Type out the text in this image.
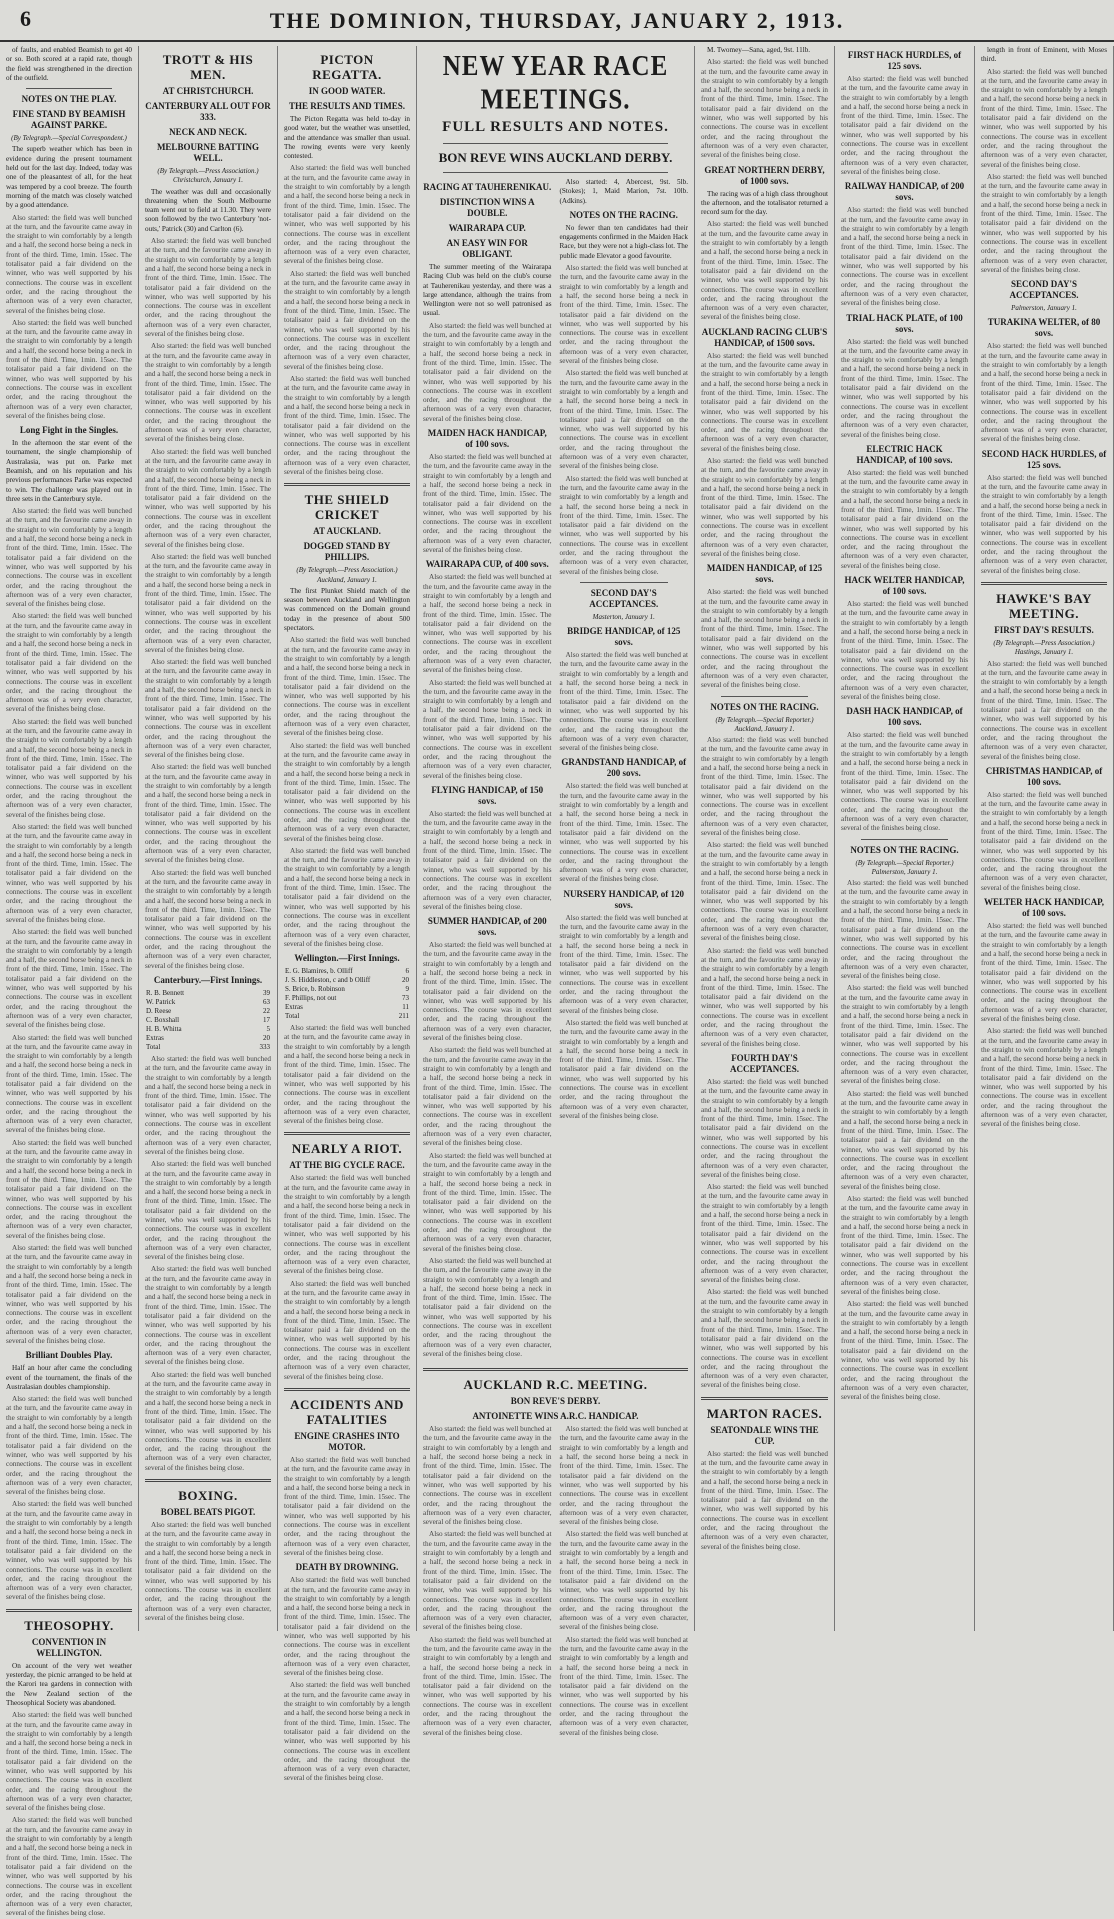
6	THE DOMINION, THURSDAY, JANUARY 2, 1913.

of faults, and enabled Beamish to get 40 or so. Both scored at a rapid rate, though the field was strengthened in the direction of the outfield.

NOTES ON THE PLAY.
FINE STAND BY BEAMISH AGAINST PARKE.
(By Telegraph.—Special Correspondent.)

The superb weather which has been in evidence during the present tournament held out for the last day. Indeed, today was one of the pleasantest of all, for the heat was tempered by a cool breeze. The fourth morning of the match was closely watched by a good attendance.

Also started: the field was well bunched at the turn, and the favourite came away in the straight to win comfortably by a length and a half, the second horse being a neck in front of the third. Time, 1min. 15sec. The totalisator paid a fair dividend on the winner, who was well supported by his connections. The course was in excellent order, and the racing throughout the afternoon was of a very even character, several of the finishes being close.

Also started: the field was well bunched at the turn, and the favourite came away in the straight to win comfortably by a length and a half, the second horse being a neck in front of the third. Time, 1min. 15sec. The totalisator paid a fair dividend on the winner, who was well supported by his connections. The course was in excellent order, and the racing throughout the afternoon was of a very even character, several of the finishes being close.

Long Fight in the Singles.

In the afternoon the star event of the tournament, the single championship of Australasia, was put on. Parke met Beamish, and on his reputation and his previous performances Parke was expected to win. The challenge was played out in three sets in the Canterbury style.

Also started: the field was well bunched at the turn, and the favourite came away in the straight to win comfortably by a length and a half, the second horse being a neck in front of the third. Time, 1min. 15sec. The totalisator paid a fair dividend on the winner, who was well supported by his connections. The course was in excellent order, and the racing throughout the afternoon was of a very even character, several of the finishes being close.

Also started: the field was well bunched at the turn, and the favourite came away in the straight to win comfortably by a length and a half, the second horse being a neck in front of the third. Time, 1min. 15sec. The totalisator paid a fair dividend on the winner, who was well supported by his connections. The course was in excellent order, and the racing throughout the afternoon was of a very even character, several of the finishes being close.

Also started: the field was well bunched at the turn, and the favourite came away in the straight to win comfortably by a length and a half, the second horse being a neck in front of the third. Time, 1min. 15sec. The totalisator paid a fair dividend on the winner, who was well supported by his connections. The course was in excellent order, and the racing throughout the afternoon was of a very even character, several of the finishes being close.

Also started: the field was well bunched at the turn, and the favourite came away in the straight to win comfortably by a length and a half, the second horse being a neck in front of the third. Time, 1min. 15sec. The totalisator paid a fair dividend on the winner, who was well supported by his connections. The course was in excellent order, and the racing throughout the afternoon was of a very even character, several of the finishes being close.

Also started: the field was well bunched at the turn, and the favourite came away in the straight to win comfortably by a length and a half, the second horse being a neck in front of the third. Time, 1min. 15sec. The totalisator paid a fair dividend on the winner, who was well supported by his connections. The course was in excellent order, and the racing throughout the afternoon was of a very even character, several of the finishes being close.

Also started: the field was well bunched at the turn, and the favourite came away in the straight to win comfortably by a length and a half, the second horse being a neck in front of the third. Time, 1min. 15sec. The totalisator paid a fair dividend on the winner, who was well supported by his connections. The course was in excellent order, and the racing throughout the afternoon was of a very even character, several of the finishes being close.

Also started: the field was well bunched at the turn, and the favourite came away in the straight to win comfortably by a length and a half, the second horse being a neck in front of the third. Time, 1min. 15sec. The totalisator paid a fair dividend on the winner, who was well supported by his connections. The course was in excellent order, and the racing throughout the afternoon was of a very even character, several of the finishes being close.

Also started: the field was well bunched at the turn, and the favourite came away in the straight to win comfortably by a length and a half, the second horse being a neck in front of the third. Time, 1min. 15sec. The totalisator paid a fair dividend on the winner, who was well supported by his connections. The course was in excellent order, and the racing throughout the afternoon was of a very even character, several of the finishes being close.

Brilliant Doubles Play.

Half an hour after came the concluding event of the tournament, the finals of the Australasian doubles championship.

Also started: the field was well bunched at the turn, and the favourite came away in the straight to win comfortably by a length and a half, the second horse being a neck in front of the third. Time, 1min. 15sec. The totalisator paid a fair dividend on the winner, who was well supported by his connections. The course was in excellent order, and the racing throughout the afternoon was of a very even character, several of the finishes being close.

Also started: the field was well bunched at the turn, and the favourite came away in the straight to win comfortably by a length and a half, the second horse being a neck in front of the third. Time, 1min. 15sec. The totalisator paid a fair dividend on the winner, who was well supported by his connections. The course was in excellent order, and the racing throughout the afternoon was of a very even character, several of the finishes being close.

THEOSOPHY.
CONVENTION IN WELLINGTON.

On account of the very wet weather yesterday, the picnic arranged to be held at the Karori tea gardens in connection with the New Zealand section of the Theosophical Society was abandoned.

Also started: the field was well bunched at the turn, and the favourite came away in the straight to win comfortably by a length and a half, the second horse being a neck in front of the third. Time, 1min. 15sec. The totalisator paid a fair dividend on the winner, who was well supported by his connections. The course was in excellent order, and the racing throughout the afternoon was of a very even character, several of the finishes being close.

Also started: the field was well bunched at the turn, and the favourite came away in the straight to win comfortably by a length and a half, the second horse being a neck in front of the third. Time, 1min. 15sec. The totalisator paid a fair dividend on the winner, who was well supported by his connections. The course was in excellent order, and the racing throughout the afternoon was of a very even character, several of the finishes being close.

TROTT & HIS MEN.
AT CHRISTCHURCH.
CANTERBURY ALL OUT FOR 333.
NECK AND NECK.
MELBOURNE BATTING WELL.
(By Telegraph.—Press Association.) Christchurch, January 1.

The weather was dull and occasionally threatening when the South Melbourne team went out to field at 11.30. They were soon followed by the two Canterbury 'not-outs,' Patrick (30) and Carlton (6).

Also started: the field was well bunched at the turn, and the favourite came away in the straight to win comfortably by a length and a half, the second horse being a neck in front of the third. Time, 1min. 15sec. The totalisator paid a fair dividend on the winner, who was well supported by his connections. The course was in excellent order, and the racing throughout the afternoon was of a very even character, several of the finishes being close.

Also started: the field was well bunched at the turn, and the favourite came away in the straight to win comfortably by a length and a half, the second horse being a neck in front of the third. Time, 1min. 15sec. The totalisator paid a fair dividend on the winner, who was well supported by his connections. The course was in excellent order, and the racing throughout the afternoon was of a very even character, several of the finishes being close.

Also started: the field was well bunched at the turn, and the favourite came away in the straight to win comfortably by a length and a half, the second horse being a neck in front of the third. Time, 1min. 15sec. The totalisator paid a fair dividend on the winner, who was well supported by his connections. The course was in excellent order, and the racing throughout the afternoon was of a very even character, several of the finishes being close.

Also started: the field was well bunched at the turn, and the favourite came away in the straight to win comfortably by a length and a half, the second horse being a neck in front of the third. Time, 1min. 15sec. The totalisator paid a fair dividend on the winner, who was well supported by his connections. The course was in excellent order, and the racing throughout the afternoon was of a very even character, several of the finishes being close.

Also started: the field was well bunched at the turn, and the favourite came away in the straight to win comfortably by a length and a half, the second horse being a neck in front of the third. Time, 1min. 15sec. The totalisator paid a fair dividend on the winner, who was well supported by his connections. The course was in excellent order, and the racing throughout the afternoon was of a very even character, several of the finishes being close.

Also started: the field was well bunched at the turn, and the favourite came away in the straight to win comfortably by a length and a half, the second horse being a neck in front of the third. Time, 1min. 15sec. The totalisator paid a fair dividend on the winner, who was well supported by his connections. The course was in excellent order, and the racing throughout the afternoon was of a very even character, several of the finishes being close.

Also started: the field was well bunched at the turn, and the favourite came away in the straight to win comfortably by a length and a half, the second horse being a neck in front of the third. Time, 1min. 15sec. The totalisator paid a fair dividend on the winner, who was well supported by his connections. The course was in excellent order, and the racing throughout the afternoon was of a very even character, several of the finishes being close.

Canterbury.—First Innings.
R. B. Bennett	39
W. Patrick	63
D. Reese	22
C. Boxshall	17
H. B. Whitta	5
Extras	20
Total	333

Also started: the field was well bunched at the turn, and the favourite came away in the straight to win comfortably by a length and a half, the second horse being a neck in front of the third. Time, 1min. 15sec. The totalisator paid a fair dividend on the winner, who was well supported by his connections. The course was in excellent order, and the racing throughout the afternoon was of a very even character, several of the finishes being close.

Also started: the field was well bunched at the turn, and the favourite came away in the straight to win comfortably by a length and a half, the second horse being a neck in front of the third. Time, 1min. 15sec. The totalisator paid a fair dividend on the winner, who was well supported by his connections. The course was in excellent order, and the racing throughout the afternoon was of a very even character, several of the finishes being close.

Also started: the field was well bunched at the turn, and the favourite came away in the straight to win comfortably by a length and a half, the second horse being a neck in front of the third. Time, 1min. 15sec. The totalisator paid a fair dividend on the winner, who was well supported by his connections. The course was in excellent order, and the racing throughout the afternoon was of a very even character, several of the finishes being close.

Also started: the field was well bunched at the turn, and the favourite came away in the straight to win comfortably by a length and a half, the second horse being a neck in front of the third. Time, 1min. 15sec. The totalisator paid a fair dividend on the winner, who was well supported by his connections. The course was in excellent order, and the racing throughout the afternoon was of a very even character, several of the finishes being close.

BOXING.
BOBEL BEATS PIGOT.

Also started: the field was well bunched at the turn, and the favourite came away in the straight to win comfortably by a length and a half, the second horse being a neck in front of the third. Time, 1min. 15sec. The totalisator paid a fair dividend on the winner, who was well supported by his connections. The course was in excellent order, and the racing throughout the afternoon was of a very even character, several of the finishes being close.

PICTON REGATTA.
IN GOOD WATER.
THE RESULTS AND TIMES.

The Picton Regatta was held to-day in good water, but the weather was unsettled, and the attendance was smaller than usual. The rowing events were very keenly contested.

Also started: the field was well bunched at the turn, and the favourite came away in the straight to win comfortably by a length and a half, the second horse being a neck in front of the third. Time, 1min. 15sec. The totalisator paid a fair dividend on the winner, who was well supported by his connections. The course was in excellent order, and the racing throughout the afternoon was of a very even character, several of the finishes being close.

Also started: the field was well bunched at the turn, and the favourite came away in the straight to win comfortably by a length and a half, the second horse being a neck in front of the third. Time, 1min. 15sec. The totalisator paid a fair dividend on the winner, who was well supported by his connections. The course was in excellent order, and the racing throughout the afternoon was of a very even character, several of the finishes being close.

Also started: the field was well bunched at the turn, and the favourite came away in the straight to win comfortably by a length and a half, the second horse being a neck in front of the third. Time, 1min. 15sec. The totalisator paid a fair dividend on the winner, who was well supported by his connections. The course was in excellent order, and the racing throughout the afternoon was of a very even character, several of the finishes being close.

THE SHIELD CRICKET
AT AUCKLAND.
DOGGED STAND BY PHILLIPS.
(By Telegraph.—Press Association.) Auckland, January 1.

The first Plunket Shield match of the season between Auckland and Wellington was commenced on the Domain ground today in the presence of about 500 spectators.

Also started: the field was well bunched at the turn, and the favourite came away in the straight to win comfortably by a length and a half, the second horse being a neck in front of the third. Time, 1min. 15sec. The totalisator paid a fair dividend on the winner, who was well supported by his connections. The course was in excellent order, and the racing throughout the afternoon was of a very even character, several of the finishes being close.

Also started: the field was well bunched at the turn, and the favourite came away in the straight to win comfortably by a length and a half, the second horse being a neck in front of the third. Time, 1min. 15sec. The totalisator paid a fair dividend on the winner, who was well supported by his connections. The course was in excellent order, and the racing throughout the afternoon was of a very even character, several of the finishes being close.

Also started: the field was well bunched at the turn, and the favourite came away in the straight to win comfortably by a length and a half, the second horse being a neck in front of the third. Time, 1min. 15sec. The totalisator paid a fair dividend on the winner, who was well supported by his connections. The course was in excellent order, and the racing throughout the afternoon was of a very even character, several of the finishes being close.

Wellington.—First Innings.
E. G. Blamires, b. Olliff	6
J. S. Hiddleston, c and b Olliff	20
S. Brice, b. Robinson	9
F. Phillips, not out	73
Extras	11
Total	211

Also started: the field was well bunched at the turn, and the favourite came away in the straight to win comfortably by a length and a half, the second horse being a neck in front of the third. Time, 1min. 15sec. The totalisator paid a fair dividend on the winner, who was well supported by his connections. The course was in excellent order, and the racing throughout the afternoon was of a very even character, several of the finishes being close.

NEARLY A RIOT.
AT THE BIG CYCLE RACE.

Also started: the field was well bunched at the turn, and the favourite came away in the straight to win comfortably by a length and a half, the second horse being a neck in front of the third. Time, 1min. 15sec. The totalisator paid a fair dividend on the winner, who was well supported by his connections. The course was in excellent order, and the racing throughout the afternoon was of a very even character, several of the finishes being close.

Also started: the field was well bunched at the turn, and the favourite came away in the straight to win comfortably by a length and a half, the second horse being a neck in front of the third. Time, 1min. 15sec. The totalisator paid a fair dividend on the winner, who was well supported by his connections. The course was in excellent order, and the racing throughout the afternoon was of a very even character, several of the finishes being close.

ACCIDENTS AND FATALITIES
ENGINE CRASHES INTO MOTOR.

Also started: the field was well bunched at the turn, and the favourite came away in the straight to win comfortably by a length and a half, the second horse being a neck in front of the third. Time, 1min. 15sec. The totalisator paid a fair dividend on the winner, who was well supported by his connections. The course was in excellent order, and the racing throughout the afternoon was of a very even character, several of the finishes being close.

DEATH BY DROWNING.

Also started: the field was well bunched at the turn, and the favourite came away in the straight to win comfortably by a length and a half, the second horse being a neck in front of the third. Time, 1min. 15sec. The totalisator paid a fair dividend on the winner, who was well supported by his connections. The course was in excellent order, and the racing throughout the afternoon was of a very even character, several of the finishes being close.

Also started: the field was well bunched at the turn, and the favourite came away in the straight to win comfortably by a length and a half, the second horse being a neck in front of the third. Time, 1min. 15sec. The totalisator paid a fair dividend on the winner, who was well supported by his connections. The course was in excellent order, and the racing throughout the afternoon was of a very even character, several of the finishes being close.

NEW YEAR RACE MEETINGS.
FULL RESULTS AND NOTES.
BON REVE WINS AUCKLAND DERBY.
RACING AT TAUHERENIKAU.
DISTINCTION WINS A DOUBLE.
WAIRARAPA CUP.
AN EASY WIN FOR OBLIGANT.

The summer meeting of the Wairarapa Racing Club was held on the club's course at Tauherenikau yesterday, and there was a large attendance, although the trains from Wellington were not so well patronised as usual.

Also started: the field was well bunched at the turn, and the favourite came away in the straight to win comfortably by a length and a half, the second horse being a neck in front of the third. Time, 1min. 15sec. The totalisator paid a fair dividend on the winner, who was well supported by his connections. The course was in excellent order, and the racing throughout the afternoon was of a very even character, several of the finishes being close.

MAIDEN HACK HANDICAP, of 100 sovs.

Also started: the field was well bunched at the turn, and the favourite came away in the straight to win comfortably by a length and a half, the second horse being a neck in front of the third. Time, 1min. 15sec. The totalisator paid a fair dividend on the winner, who was well supported by his connections. The course was in excellent order, and the racing throughout the afternoon was of a very even character, several of the finishes being close.

WAIRARAPA CUP, of 400 sovs.

Also started: the field was well bunched at the turn, and the favourite came away in the straight to win comfortably by a length and a half, the second horse being a neck in front of the third. Time, 1min. 15sec. The totalisator paid a fair dividend on the winner, who was well supported by his connections. The course was in excellent order, and the racing throughout the afternoon was of a very even character, several of the finishes being close.

Also started: the field was well bunched at the turn, and the favourite came away in the straight to win comfortably by a length and a half, the second horse being a neck in front of the third. Time, 1min. 15sec. The totalisator paid a fair dividend on the winner, who was well supported by his connections. The course was in excellent order, and the racing throughout the afternoon was of a very even character, several of the finishes being close.

FLYING HANDICAP, of 150 sovs.

Also started: the field was well bunched at the turn, and the favourite came away in the straight to win comfortably by a length and a half, the second horse being a neck in front of the third. Time, 1min. 15sec. The totalisator paid a fair dividend on the winner, who was well supported by his connections. The course was in excellent order, and the racing throughout the afternoon was of a very even character, several of the finishes being close.

SUMMER HANDICAP, of 200 sovs.

Also started: the field was well bunched at the turn, and the favourite came away in the straight to win comfortably by a length and a half, the second horse being a neck in front of the third. Time, 1min. 15sec. The totalisator paid a fair dividend on the winner, who was well supported by his connections. The course was in excellent order, and the racing throughout the afternoon was of a very even character, several of the finishes being close.

Also started: the field was well bunched at the turn, and the favourite came away in the straight to win comfortably by a length and a half, the second horse being a neck in front of the third. Time, 1min. 15sec. The totalisator paid a fair dividend on the winner, who was well supported by his connections. The course was in excellent order, and the racing throughout the afternoon was of a very even character, several of the finishes being close.

Also started: the field was well bunched at the turn, and the favourite came away in the straight to win comfortably by a length and a half, the second horse being a neck in front of the third. Time, 1min. 15sec. The totalisator paid a fair dividend on the winner, who was well supported by his connections. The course was in excellent order, and the racing throughout the afternoon was of a very even character, several of the finishes being close.

Also started: the field was well bunched at the turn, and the favourite came away in the straight to win comfortably by a length and a half, the second horse being a neck in front of the third. Time, 1min. 15sec. The totalisator paid a fair dividend on the winner, who was well supported by his connections. The course was in excellent order, and the racing throughout the afternoon was of a very even character, several of the finishes being close.

Also started: 4, Abercest, 9st. 5lb. (Stokes); 1, Maid Marion, 7st. 10lb. (Adkins).

NOTES ON THE RACING.

No fewer than ten candidates had their engagements confirmed in the Maiden Hack Race, but they were not a high-class lot. The public made Elevator a good favourite.

Also started: the field was well bunched at the turn, and the favourite came away in the straight to win comfortably by a length and a half, the second horse being a neck in front of the third. Time, 1min. 15sec. The totalisator paid a fair dividend on the winner, who was well supported by his connections. The course was in excellent order, and the racing throughout the afternoon was of a very even character, several of the finishes being close.

Also started: the field was well bunched at the turn, and the favourite came away in the straight to win comfortably by a length and a half, the second horse being a neck in front of the third. Time, 1min. 15sec. The totalisator paid a fair dividend on the winner, who was well supported by his connections. The course was in excellent order, and the racing throughout the afternoon was of a very even character, several of the finishes being close.

Also started: the field was well bunched at the turn, and the favourite came away in the straight to win comfortably by a length and a half, the second horse being a neck in front of the third. Time, 1min. 15sec. The totalisator paid a fair dividend on the winner, who was well supported by his connections. The course was in excellent order, and the racing throughout the afternoon was of a very even character, several of the finishes being close.

SECOND DAY'S ACCEPTANCES.
Masterton, January 1.
BRIDGE HANDICAP, of 125 sovs.

Also started: the field was well bunched at the turn, and the favourite came away in the straight to win comfortably by a length and a half, the second horse being a neck in front of the third. Time, 1min. 15sec. The totalisator paid a fair dividend on the winner, who was well supported by his connections. The course was in excellent order, and the racing throughout the afternoon was of a very even character, several of the finishes being close.

GRANDSTAND HANDICAP, of 200 sovs.

Also started: the field was well bunched at the turn, and the favourite came away in the straight to win comfortably by a length and a half, the second horse being a neck in front of the third. Time, 1min. 15sec. The totalisator paid a fair dividend on the winner, who was well supported by his connections. The course was in excellent order, and the racing throughout the afternoon was of a very even character, several of the finishes being close.

NURSERY HANDICAP, of 120 sovs.

Also started: the field was well bunched at the turn, and the favourite came away in the straight to win comfortably by a length and a half, the second horse being a neck in front of the third. Time, 1min. 15sec. The totalisator paid a fair dividend on the winner, who was well supported by his connections. The course was in excellent order, and the racing throughout the afternoon was of a very even character, several of the finishes being close.

Also started: the field was well bunched at the turn, and the favourite came away in the straight to win comfortably by a length and a half, the second horse being a neck in front of the third. Time, 1min. 15sec. The totalisator paid a fair dividend on the winner, who was well supported by his connections. The course was in excellent order, and the racing throughout the afternoon was of a very even character, several of the finishes being close.

AUCKLAND R.C. MEETING.
BON REVE'S DERBY.
ANTOINETTE WINS A.R.C. HANDICAP.

Also started: the field was well bunched at the turn, and the favourite came away in the straight to win comfortably by a length and a half, the second horse being a neck in front of the third. Time, 1min. 15sec. The totalisator paid a fair dividend on the winner, who was well supported by his connections. The course was in excellent order, and the racing throughout the afternoon was of a very even character, several of the finishes being close.

Also started: the field was well bunched at the turn, and the favourite came away in the straight to win comfortably by a length and a half, the second horse being a neck in front of the third. Time, 1min. 15sec. The totalisator paid a fair dividend on the winner, who was well supported by his connections. The course was in excellent order, and the racing throughout the afternoon was of a very even character, several of the finishes being close.

Also started: the field was well bunched at the turn, and the favourite came away in the straight to win comfortably by a length and a half, the second horse being a neck in front of the third. Time, 1min. 15sec. The totalisator paid a fair dividend on the winner, who was well supported by his connections. The course was in excellent order, and the racing throughout the afternoon was of a very even character, several of the finishes being close.

Also started: the field was well bunched at the turn, and the favourite came away in the straight to win comfortably by a length and a half, the second horse being a neck in front of the third. Time, 1min. 15sec. The totalisator paid a fair dividend on the winner, who was well supported by his connections. The course was in excellent order, and the racing throughout the afternoon was of a very even character, several of the finishes being close.

Also started: the field was well bunched at the turn, and the favourite came away in the straight to win comfortably by a length and a half, the second horse being a neck in front of the third. Time, 1min. 15sec. The totalisator paid a fair dividend on the winner, who was well supported by his connections. The course was in excellent order, and the racing throughout the afternoon was of a very even character, several of the finishes being close.

Also started: the field was well bunched at the turn, and the favourite came away in the straight to win comfortably by a length and a half, the second horse being a neck in front of the third. Time, 1min. 15sec. The totalisator paid a fair dividend on the winner, who was well supported by his connections. The course was in excellent order, and the racing throughout the afternoon was of a very even character, several of the finishes being close.

M. Twomey—Sana, aged, 9st. 11lb.

Also started: the field was well bunched at the turn, and the favourite came away in the straight to win comfortably by a length and a half, the second horse being a neck in front of the third. Time, 1min. 15sec. The totalisator paid a fair dividend on the winner, who was well supported by his connections. The course was in excellent order, and the racing throughout the afternoon was of a very even character, several of the finishes being close.

GREAT NORTHERN DERBY, of 1000 sovs.

The racing was of a high class throughout the afternoon, and the totalisator returned a record sum for the day.

Also started: the field was well bunched at the turn, and the favourite came away in the straight to win comfortably by a length and a half, the second horse being a neck in front of the third. Time, 1min. 15sec. The totalisator paid a fair dividend on the winner, who was well supported by his connections. The course was in excellent order, and the racing throughout the afternoon was of a very even character, several of the finishes being close.

AUCKLAND RACING CLUB'S HANDICAP, of 1500 sovs.

Also started: the field was well bunched at the turn, and the favourite came away in the straight to win comfortably by a length and a half, the second horse being a neck in front of the third. Time, 1min. 15sec. The totalisator paid a fair dividend on the winner, who was well supported by his connections. The course was in excellent order, and the racing throughout the afternoon was of a very even character, several of the finishes being close.

Also started: the field was well bunched at the turn, and the favourite came away in the straight to win comfortably by a length and a half, the second horse being a neck in front of the third. Time, 1min. 15sec. The totalisator paid a fair dividend on the winner, who was well supported by his connections. The course was in excellent order, and the racing throughout the afternoon was of a very even character, several of the finishes being close.

MAIDEN HANDICAP, of 125 sovs.

Also started: the field was well bunched at the turn, and the favourite came away in the straight to win comfortably by a length and a half, the second horse being a neck in front of the third. Time, 1min. 15sec. The totalisator paid a fair dividend on the winner, who was well supported by his connections. The course was in excellent order, and the racing throughout the afternoon was of a very even character, several of the finishes being close.

NOTES ON THE RACING.
(By Telegraph.—Special Reporter.) Auckland, January 1.

Also started: the field was well bunched at the turn, and the favourite came away in the straight to win comfortably by a length and a half, the second horse being a neck in front of the third. Time, 1min. 15sec. The totalisator paid a fair dividend on the winner, who was well supported by his connections. The course was in excellent order, and the racing throughout the afternoon was of a very even character, several of the finishes being close.

Also started: the field was well bunched at the turn, and the favourite came away in the straight to win comfortably by a length and a half, the second horse being a neck in front of the third. Time, 1min. 15sec. The totalisator paid a fair dividend on the winner, who was well supported by his connections. The course was in excellent order, and the racing throughout the afternoon was of a very even character, several of the finishes being close.

Also started: the field was well bunched at the turn, and the favourite came away in the straight to win comfortably by a length and a half, the second horse being a neck in front of the third. Time, 1min. 15sec. The totalisator paid a fair dividend on the winner, who was well supported by his connections. The course was in excellent order, and the racing throughout the afternoon was of a very even character, several of the finishes being close.

FOURTH DAY'S ACCEPTANCES.

Also started: the field was well bunched at the turn, and the favourite came away in the straight to win comfortably by a length and a half, the second horse being a neck in front of the third. Time, 1min. 15sec. The totalisator paid a fair dividend on the winner, who was well supported by his connections. The course was in excellent order, and the racing throughout the afternoon was of a very even character, several of the finishes being close.

Also started: the field was well bunched at the turn, and the favourite came away in the straight to win comfortably by a length and a half, the second horse being a neck in front of the third. Time, 1min. 15sec. The totalisator paid a fair dividend on the winner, who was well supported by his connections. The course was in excellent order, and the racing throughout the afternoon was of a very even character, several of the finishes being close.

Also started: the field was well bunched at the turn, and the favourite came away in the straight to win comfortably by a length and a half, the second horse being a neck in front of the third. Time, 1min. 15sec. The totalisator paid a fair dividend on the winner, who was well supported by his connections. The course was in excellent order, and the racing throughout the afternoon was of a very even character, several of the finishes being close.

MARTON RACES.
SEATONDALE WINS THE CUP.

Also started: the field was well bunched at the turn, and the favourite came away in the straight to win comfortably by a length and a half, the second horse being a neck in front of the third. Time, 1min. 15sec. The totalisator paid a fair dividend on the winner, who was well supported by his connections. The course was in excellent order, and the racing throughout the afternoon was of a very even character, several of the finishes being close.

FIRST HACK HURDLES, of 125 sovs.

Also started: the field was well bunched at the turn, and the favourite came away in the straight to win comfortably by a length and a half, the second horse being a neck in front of the third. Time, 1min. 15sec. The totalisator paid a fair dividend on the winner, who was well supported by his connections. The course was in excellent order, and the racing throughout the afternoon was of a very even character, several of the finishes being close.

RAILWAY HANDICAP, of 200 sovs.

Also started: the field was well bunched at the turn, and the favourite came away in the straight to win comfortably by a length and a half, the second horse being a neck in front of the third. Time, 1min. 15sec. The totalisator paid a fair dividend on the winner, who was well supported by his connections. The course was in excellent order, and the racing throughout the afternoon was of a very even character, several of the finishes being close.

TRIAL HACK PLATE, of 100 sovs.

Also started: the field was well bunched at the turn, and the favourite came away in the straight to win comfortably by a length and a half, the second horse being a neck in front of the third. Time, 1min. 15sec. The totalisator paid a fair dividend on the winner, who was well supported by his connections. The course was in excellent order, and the racing throughout the afternoon was of a very even character, several of the finishes being close.

ELECTRIC HACK HANDICAP, of 100 sovs.

Also started: the field was well bunched at the turn, and the favourite came away in the straight to win comfortably by a length and a half, the second horse being a neck in front of the third. Time, 1min. 15sec. The totalisator paid a fair dividend on the winner, who was well supported by his connections. The course was in excellent order, and the racing throughout the afternoon was of a very even character, several of the finishes being close.

HACK WELTER HANDICAP, of 100 sovs.

Also started: the field was well bunched at the turn, and the favourite came away in the straight to win comfortably by a length and a half, the second horse being a neck in front of the third. Time, 1min. 15sec. The totalisator paid a fair dividend on the winner, who was well supported by his connections. The course was in excellent order, and the racing throughout the afternoon was of a very even character, several of the finishes being close.

DASH HACK HANDICAP, of 100 sovs.

Also started: the field was well bunched at the turn, and the favourite came away in the straight to win comfortably by a length and a half, the second horse being a neck in front of the third. Time, 1min. 15sec. The totalisator paid a fair dividend on the winner, who was well supported by his connections. The course was in excellent order, and the racing throughout the afternoon was of a very even character, several of the finishes being close.

NOTES ON THE RACING.
(By Telegraph.—Special Reporter.) Palmerston, January 1.

Also started: the field was well bunched at the turn, and the favourite came away in the straight to win comfortably by a length and a half, the second horse being a neck in front of the third. Time, 1min. 15sec. The totalisator paid a fair dividend on the winner, who was well supported by his connections. The course was in excellent order, and the racing throughout the afternoon was of a very even character, several of the finishes being close.

Also started: the field was well bunched at the turn, and the favourite came away in the straight to win comfortably by a length and a half, the second horse being a neck in front of the third. Time, 1min. 15sec. The totalisator paid a fair dividend on the winner, who was well supported by his connections. The course was in excellent order, and the racing throughout the afternoon was of a very even character, several of the finishes being close.

Also started: the field was well bunched at the turn, and the favourite came away in the straight to win comfortably by a length and a half, the second horse being a neck in front of the third. Time, 1min. 15sec. The totalisator paid a fair dividend on the winner, who was well supported by his connections. The course was in excellent order, and the racing throughout the afternoon was of a very even character, several of the finishes being close.

Also started: the field was well bunched at the turn, and the favourite came away in the straight to win comfortably by a length and a half, the second horse being a neck in front of the third. Time, 1min. 15sec. The totalisator paid a fair dividend on the winner, who was well supported by his connections. The course was in excellent order, and the racing throughout the afternoon was of a very even character, several of the finishes being close.

Also started: the field was well bunched at the turn, and the favourite came away in the straight to win comfortably by a length and a half, the second horse being a neck in front of the third. Time, 1min. 15sec. The totalisator paid a fair dividend on the winner, who was well supported by his connections. The course was in excellent order, and the racing throughout the afternoon was of a very even character, several of the finishes being close.

length in front of Eminent, with Moses third.

Also started: the field was well bunched at the turn, and the favourite came away in the straight to win comfortably by a length and a half, the second horse being a neck in front of the third. Time, 1min. 15sec. The totalisator paid a fair dividend on the winner, who was well supported by his connections. The course was in excellent order, and the racing throughout the afternoon was of a very even character, several of the finishes being close.

Also started: the field was well bunched at the turn, and the favourite came away in the straight to win comfortably by a length and a half, the second horse being a neck in front of the third. Time, 1min. 15sec. The totalisator paid a fair dividend on the winner, who was well supported by his connections. The course was in excellent order, and the racing throughout the afternoon was of a very even character, several of the finishes being close.

SECOND DAY'S ACCEPTANCES.
Palmerston, January 1.
TURAKINA WELTER, of 80 sovs.

Also started: the field was well bunched at the turn, and the favourite came away in the straight to win comfortably by a length and a half, the second horse being a neck in front of the third. Time, 1min. 15sec. The totalisator paid a fair dividend on the winner, who was well supported by his connections. The course was in excellent order, and the racing throughout the afternoon was of a very even character, several of the finishes being close.

SECOND HACK HURDLES, of 125 sovs.

Also started: the field was well bunched at the turn, and the favourite came away in the straight to win comfortably by a length and a half, the second horse being a neck in front of the third. Time, 1min. 15sec. The totalisator paid a fair dividend on the winner, who was well supported by his connections. The course was in excellent order, and the racing throughout the afternoon was of a very even character, several of the finishes being close.

HAWKE'S BAY MEETING.
FIRST DAY'S RESULTS.
(By Telegraph.—Press Association.) Hastings, January 1.

Also started: the field was well bunched at the turn, and the favourite came away in the straight to win comfortably by a length and a half, the second horse being a neck in front of the third. Time, 1min. 15sec. The totalisator paid a fair dividend on the winner, who was well supported by his connections. The course was in excellent order, and the racing throughout the afternoon was of a very even character, several of the finishes being close.

CHRISTMAS HANDICAP, of 100 sovs.

Also started: the field was well bunched at the turn, and the favourite came away in the straight to win comfortably by a length and a half, the second horse being a neck in front of the third. Time, 1min. 15sec. The totalisator paid a fair dividend on the winner, who was well supported by his connections. The course was in excellent order, and the racing throughout the afternoon was of a very even character, several of the finishes being close.

WELTER HACK HANDICAP, of 100 sovs.

Also started: the field was well bunched at the turn, and the favourite came away in the straight to win comfortably by a length and a half, the second horse being a neck in front of the third. Time, 1min. 15sec. The totalisator paid a fair dividend on the winner, who was well supported by his connections. The course was in excellent order, and the racing throughout the afternoon was of a very even character, several of the finishes being close.

Also started: the field was well bunched at the turn, and the favourite came away in the straight to win comfortably by a length and a half, the second horse being a neck in front of the third. Time, 1min. 15sec. The totalisator paid a fair dividend on the winner, who was well supported by his connections. The course was in excellent order, and the racing throughout the afternoon was of a very even character, several of the finishes being close.
